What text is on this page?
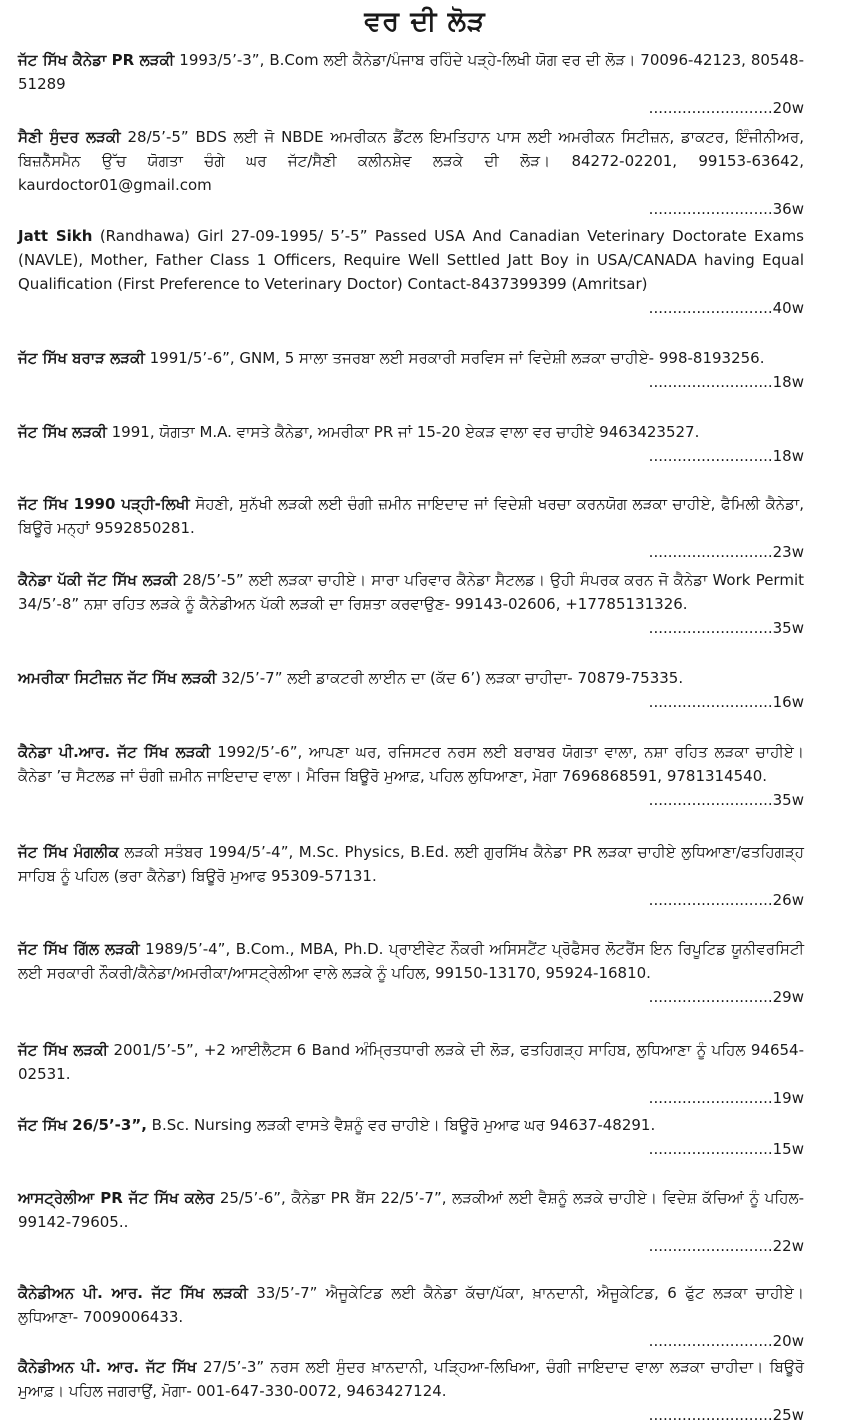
ਵਰ ਦੀ ਲੋੜ
ਜੱਟ ਸਿੱਖ ਕੈਨੇਡਾ PR ਲੜਕੀ 1993/5’-3”, B.Com ਲਈ ਕੈਨੇਡਾ/ਪੰਜਾਬ ਰਹਿੰਦੇ ਪੜ੍ਹੇ-ਲਿਖੀ ਯੋਗ ਵਰ ਦੀ ਲੋੜ। 70096-42123, 80548-51289
..........................20w
ਸੈਣੀ ਸੁੰਦਰ ਲੜਕੀ 28/5’-5” BDS ਲਈ ਜੋ NBDE ਅਮਰੀਕਨ ਡੈਂਟਲ ਇਮਤਿਹਾਨ ਪਾਸ ਲਈ ਅਮਰੀਕਨ ਸਿਟੀਜ਼ਨ, ਡਾਕਟਰ, ਇੰਜੀਨੀਅਰ, ਬਿਜ਼ਨੈੱਸਮੈਨ ਉੱਚ ਯੋਗਤਾ ਚੰਗੇ ਘਰ ਜੱਟ/ਸੈਣੀ ਕਲੀਨਸ਼ੇਵ ਲੜਕੇ ਦੀ ਲੋੜ। 84272-02201, 99153-63642, kaurdoctor01@gmail.com
..........................36w
Jatt Sikh (Randhawa) Girl 27-09-1995/ 5’-5” Passed USA And Canadian Veterinary Doctorate Exams (NAVLE), Mother, Father Class 1 Officers, Require Well Settled Jatt Boy in USA/CANADA having Equal Qualification (First Preference to Veterinary Doctor) Contact-8437399399 (Amritsar)
..........................40w
ਜੱਟ ਸਿੱਖ ਬਰਾੜ ਲੜਕੀ 1991/5’-6”, GNM, 5 ਸਾਲਾ ਤਜਰਬਾ ਲਈ ਸਰਕਾਰੀ ਸਰਵਿਸ ਜਾਂ ਵਿਦੇਸ਼ੀ ਲੜਕਾ ਚਾਹੀਏ- 998-8193256.
..........................18w
ਜੱਟ ਸਿੱਖ ਲੜਕੀ 1991, ਯੋਗਤਾ M.A. ਵਾਸਤੇ ਕੈਨੇਡਾ, ਅਮਰੀਕਾ PR ਜਾਂ 15-20 ਏਕੜ ਵਾਲਾ ਵਰ ਚਾਹੀਏ 9463423527.
..........................18w
ਜੱਟ ਸਿੱਖ 1990 ਪੜ੍ਹੀ-ਲਿਖੀ ਸੋਹਣੀ, ਸੁਨੱਖੀ ਲੜਕੀ ਲਈ ਚੰਗੀ ਜ਼ਮੀਨ ਜਾਇਦਾਦ ਜਾਂ ਵਿਦੇਸ਼ੀ ਖਰਚਾ ਕਰਨਯੋਗ ਲੜਕਾ ਚਾਹੀਏ, ਫੈਮਿਲੀ ਕੈਨੇਡਾ, ਬਿਊਰੋ ਮਨ੍ਹਾਂ 9592850281.
..........................23w
ਕੈਨੇਡਾ ਪੱਕੀ ਜੱਟ ਸਿੱਖ ਲੜਕੀ 28/5’-5” ਲਈ ਲੜਕਾ ਚਾਹੀਏ। ਸਾਰਾ ਪਰਿਵਾਰ ਕੈਨੇਡਾ ਸੈਟਲਡ। ਉਹੀ ਸੰਪਰਕ ਕਰਨ ਜੋ ਕੈਨੇਡਾ Work Permit 34/5’-8” ਨਸ਼ਾ ਰਹਿਤ ਲੜਕੇ ਨੂੰ ਕੈਨੇਡੀਅਨ ਪੱਕੀ ਲੜਕੀ ਦਾ ਰਿਸ਼ਤਾ ਕਰਵਾਉਣ- 99143-02606, +17785131326.
..........................35w
ਅਮਰੀਕਾ ਸਿਟੀਜ਼ਨ ਜੱਟ ਸਿੱਖ ਲੜਕੀ 32/5’-7” ਲਈ ਡਾਕਟਰੀ ਲਾਈਨ ਦਾ (ਕੱਦ 6’) ਲੜਕਾ ਚਾਹੀਦਾ- 70879-75335.
..........................16w
ਕੈਨੇਡਾ ਪੀ.ਆਰ. ਜੱਟ ਸਿੱਖ ਲੜਕੀ 1992/5’-6”, ਆਪਣਾ ਘਰ, ਰਜਿਸਟਰ ਨਰਸ ਲਈ ਬਰਾਬਰ ਯੋਗਤਾ ਵਾਲਾ, ਨਸ਼ਾ ਰਹਿਤ ਲੜਕਾ ਚਾਹੀਏ। ਕੈਨੇਡਾ ’ਚ ਸੈਟਲਡ ਜਾਂ ਚੰਗੀ ਜ਼ਮੀਨ ਜਾਇਦਾਦ ਵਾਲਾ। ਮੈਰਿਜ ਬਿਊਰੋ ਮੁਆਫ਼, ਪਹਿਲ ਲੁਧਿਆਣਾ, ਮੋਗਾ 7696868591, 9781314540.
..........................35w
ਜੱਟ ਸਿੱਖ ਮੰਗਲੀਕ ਲੜਕੀ ਸਤੰਬਰ 1994/5’-4”, M.Sc. Physics, B.Ed. ਲਈ ਗੁਰਸਿੱਖ ਕੈਨੇਡਾ PR ਲੜਕਾ ਚਾਹੀਏ ਲੁਧਿਆਣਾ/ਫਤਹਿਗੜ੍ਹ ਸਾਹਿਬ ਨੂੰ ਪਹਿਲ (ਭਰਾ ਕੈਨੇਡਾ) ਬਿਊਰੋ ਮੁਆਫ 95309-57131.
..........................26w
ਜੱਟ ਸਿੱਖ ਗਿੱਲ ਲੜਕੀ 1989/5’-4”, B.Com., MBA, Ph.D. ਪ੍ਰਾਈਵੇਟ ਨੌਕਰੀ ਅਸਿਸਟੈਂਟ ਪ੍ਰੋਫੈਸਰ ਲੋਟਰੈਂਸ ਇਨ ਰਿਪੂਟਿਡ ਯੂਨੀਵਰਸਿਟੀ ਲਈ ਸਰਕਾਰੀ ਨੌਕਰੀ/ਕੈਨੇਡਾ/ਅਮਰੀਕਾ/ਆਸਟ੍ਰੇਲੀਆ ਵਾਲੇ ਲੜਕੇ ਨੂੰ ਪਹਿਲ, 99150-13170, 95924-16810.
..........................29w
ਜੱਟ ਸਿੱਖ ਲੜਕੀ 2001/5’-5”, +2 ਆਈਲੈਟਸ 6 Band ਅੰਮ੍ਰਿਤਧਾਰੀ ਲੜਕੇ ਦੀ ਲੋੜ, ਫਤਹਿਗੜ੍ਹ ਸਾਹਿਬ, ਲੁਧਿਆਣਾ ਨੂੰ ਪਹਿਲ 94654-02531.
..........................19w
ਜੱਟ ਸਿੱਖ 26/5’-3”, B.Sc. Nursing ਲੜਕੀ ਵਾਸਤੇ ਵੈਸ਼ਨੂੰ ਵਰ ਚਾਹੀਏ। ਬਿਊਰੋ ਮੁਆਫ ਘਰ 94637-48291.
..........................15w
ਆਸਟ੍ਰੇਲੀਆ PR ਜੱਟ ਸਿੱਖ ਕਲੇਰ 25/5’-6”, ਕੈਨੇਡਾ PR ਬੈਂਸ 22/5’-7”, ਲੜਕੀਆਂ ਲਈ ਵੈਸ਼ਨੂੰ ਲੜਕੇ ਚਾਹੀਏ। ਵਿਦੇਸ਼ ਕੱਚਿਆਂ ਨੂੰ ਪਹਿਲ- 99142-79605..
..........................22w
ਕੈਨੇਡੀਅਨ ਪੀ. ਆਰ. ਜੱਟ ਸਿੱਖ ਲੜਕੀ 33/5’-7” ਐਜੂਕੇਟਿਡ ਲਈ ਕੈਨੇਡਾ ਕੱਚਾ/ਪੱਕਾ, ਖ਼ਾਨਦਾਨੀ, ਐਜੂਕੇਟਿਡ, 6 ਫੁੱਟ ਲੜਕਾ ਚਾਹੀਏ। ਲੁਧਿਆਣਾ- 7009006433.
..........................20w
ਕੈਨੇਡੀਅਨ ਪੀ. ਆਰ. ਜੱਟ ਸਿੱਖ 27/5’-3” ਨਰਸ ਲਈ ਸੁੰਦਰ ਖ਼ਾਨਦਾਨੀ, ਪੜ੍ਹਿਆ-ਲਿਖਿਆ, ਚੰਗੀ ਜਾਇਦਾਦ ਵਾਲਾ ਲੜਕਾ ਚਾਹੀਦਾ। ਬਿਊਰੋ ਮੁਆਫ਼। ਪਹਿਲ ਜਗਰਾਉਂ, ਮੋਗਾ- 001-647-330-0072, 9463427124.
..........................25w
